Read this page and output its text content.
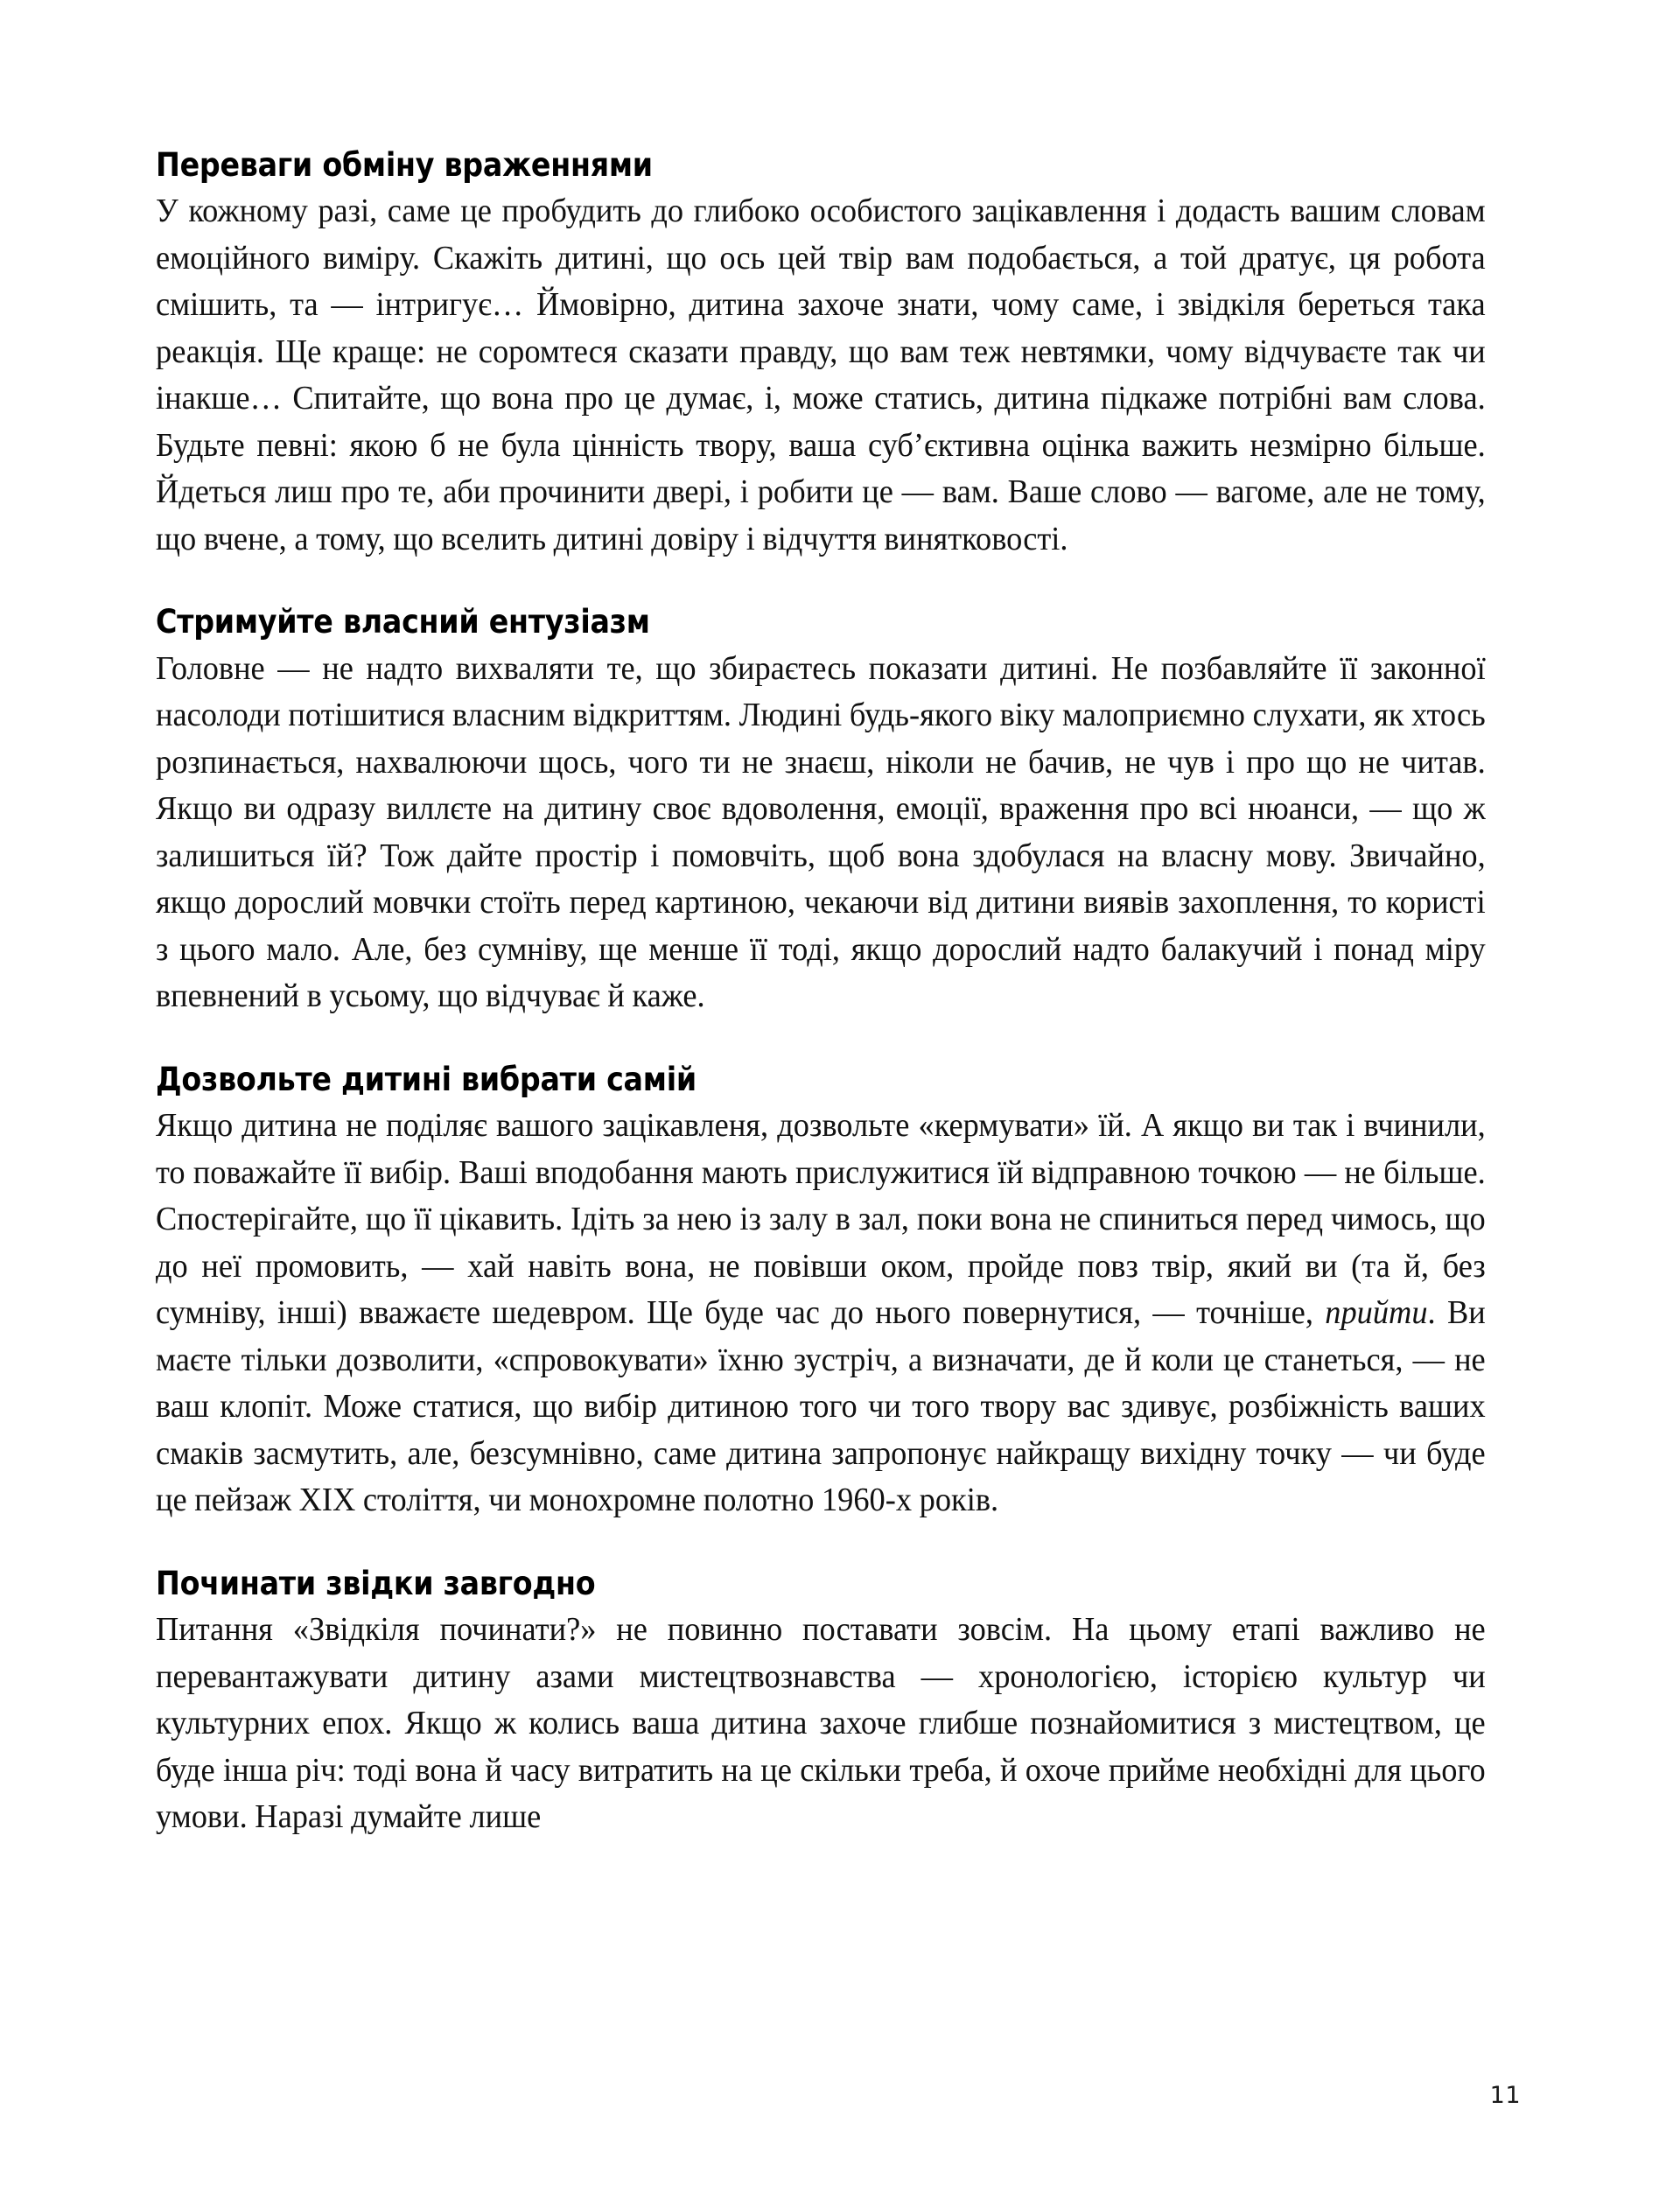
Переваги обміну враженнями

У кожному разі, саме це пробудить до глибоко особистого зацікавлення і додасть вашим словам емоційного виміру. Скажіть дитині, що ось цей твір вам подобається, а той дратує, ця робота смішить, та — інтригує… Ймовірно, дитина захоче знати, чому саме, і звідкіля береться така реакція. Ще краще: не соромтеся сказати правду, що вам теж невтямки, чому відчуваєте так чи інакше… Спитайте, що вона про це думає, і, може статись, дитина підкаже потрібні вам слова. Будьте певні: якою б не була цінність твору, ваша суб’єктивна оцінка важить незмірно більше. Йдеться лиш про те, аби прочинити двері, і робити це — вам. Ваше слово — вагоме, але не тому, що вчене, а тому, що вселить дитині довіру і відчуття винятковості.

Стримуйте власний ентузіазм

Головне — не надто вихваляти те, що збираєтесь показати дитині. Не позбавляйте її законної насолоди потішитися власним відкриттям. Людині будь-якого віку малоприємно слухати, як хтось розпинається, нахвалюючи щось, чого ти не знаєш, ніколи не бачив, не чув і про що не читав. Якщо ви одразу виллєте на дитину своє вдоволення, емоції, враження про всі нюанси, — що ж залишиться їй? Тож дайте простір і помовчіть, щоб вона здобулася на власну мову. Звичайно, якщо дорослий мовчки стоїть перед картиною, чекаючи від дитини виявів захоплення, то користі з цього мало. Але, без сумніву, ще менше її тоді, якщо дорослий надто балакучий і понад міру впевнений в усьому, що відчуває й каже.

Дозвольте дитині вибрати самій

Якщо дитина не поділяє вашого зацікавленя, дозвольте «кермувати» їй. А якщо ви так і вчинили, то поважайте її вибір. Ваші вподобання мають прислужитися їй відправною точкою — не більше. Спостерігайте, що її цікавить. Ідіть за нею із залу в зал, поки вона не спиниться перед чимось, що до неї промовить, — хай навіть вона, не повівши оком, пройде повз твір, який ви (та й, без сумніву, інші) вважаєте шедевром. Ще буде час до нього повернутися, — точніше, прийти. Ви маєте тільки дозволити, «спровокувати» їхню зустріч, а визначати, де й коли це станеться, — не ваш клопіт. Може статися, що вибір дитиною того чи того твору вас здивує, розбіжність ваших смаків засмутить, але, безсумнівно, саме дитина запропонує найкращу вихідну точку — чи буде це пейзаж XIX століття, чи монохромне полотно 1960-х років.

Починати звідки завгодно

Питання «Звідкіля починати?» не повинно поставати зовсім. На цьому етапі важливо не перевантажувати дитину азами мистецтвознавства — хронологією, історією культур чи культурних епох. Якщо ж колись ваша дитина захоче глибше познайомитися з мистецтвом, це буде інша річ: тоді вона й часу витратить на це скільки треба, й охоче прийме необхідні для цього умови. Наразі думайте лише

11
